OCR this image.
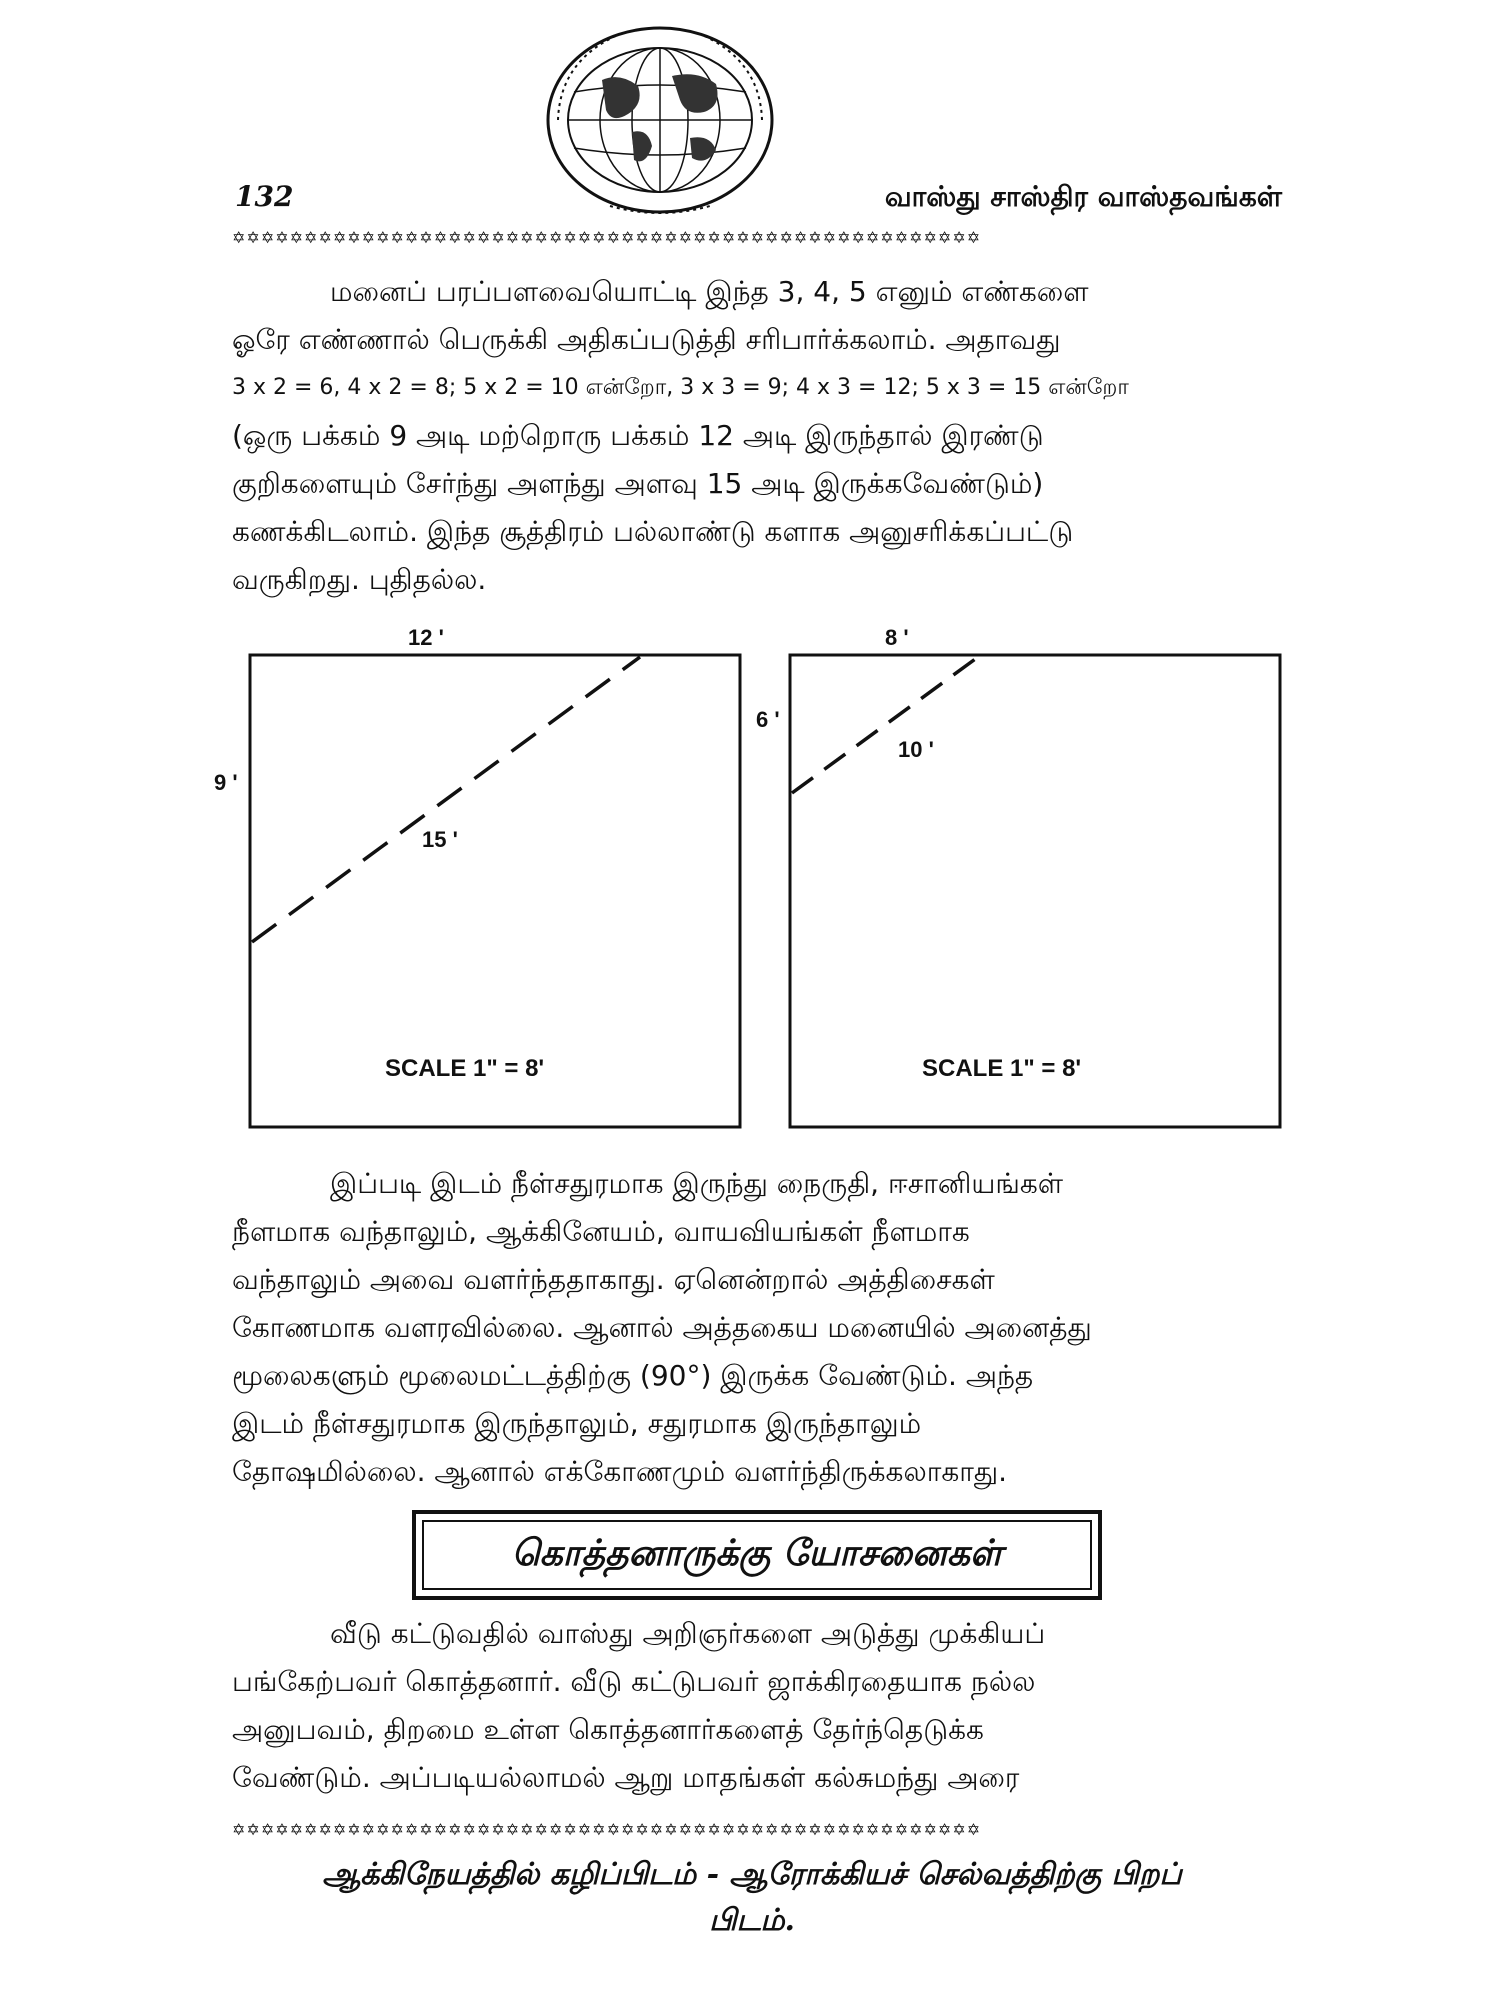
132	வாஸ்து சாஸ்திர வாஸ்தவங்கள்
✡✡✡✡✡✡✡✡✡✡✡✡✡✡✡✡✡✡✡✡✡✡✡✡✡✡✡✡✡✡✡✡✡✡✡✡✡✡✡✡✡✡✡✡✡✡✡✡✡✡✡✡
மனைப் பரப்பளவையொட்டி இந்த 3, 4, 5 எனும் எண்களை
ஓரே எண்ணால் பெருக்கி அதிகப்படுத்தி சரிபார்க்கலாம். அதாவது
3 x 2 = 6, 4 x 2 = 8; 5 x 2 = 10 என்றோ, 3 x 3 = 9; 4 x 3 = 12; 5 x 3 = 15 என்றோ
(ஒரு பக்கம் 9 அடி மற்றொரு பக்கம் 12 அடி இருந்தால் இரண்டு
குறிகளையும் சேர்ந்து அளந்து அளவு 15 அடி இருக்கவேண்டும்)
கணக்கிடலாம். இந்த சூத்திரம் பல்லாண்டு களாக அனுசரிக்கப்பட்டு
வருகிறது. புதிதல்ல.
12 '
9 '
15 '
SCALE 1" = 8'
8 '
6 '
10 '
SCALE 1" = 8'
இப்படி இடம் நீள்சதுரமாக இருந்து நைருதி, ஈசானியங்கள்
நீளமாக வந்தாலும், ஆக்கினேயம், வாயவியங்கள் நீளமாக
வந்தாலும் அவை வளர்ந்ததாகாது. ஏனென்றால் அத்திசைகள்
கோணமாக வளரவில்லை. ஆனால் அத்தகைய மனையில் அனைத்து
மூலைகளும் மூலைமட்டத்திற்கு (90°) இருக்க வேண்டும். அந்த
இடம் நீள்சதுரமாக இருந்தாலும், சதுரமாக இருந்தாலும்
தோஷமில்லை. ஆனால் எக்கோணமும் வளர்ந்திருக்கலாகாது.
கொத்தனாருக்கு யோசனைகள்
வீடு கட்டுவதில் வாஸ்து அறிஞர்களை அடுத்து முக்கியப்
பங்கேற்பவர் கொத்தனார். வீடு கட்டுபவர் ஜாக்கிரதையாக நல்ல
அனுபவம், திறமை உள்ள கொத்தனார்களைத் தேர்ந்தெடுக்க
வேண்டும். அப்படியல்லாமல் ஆறு மாதங்கள் கல்சுமந்து அரை
✡✡✡✡✡✡✡✡✡✡✡✡✡✡✡✡✡✡✡✡✡✡✡✡✡✡✡✡✡✡✡✡✡✡✡✡✡✡✡✡✡✡✡✡✡✡✡✡✡✡✡✡
ஆக்கிநேயத்தில் கழிப்பிடம் - ஆரோக்கியச் செல்வத்திற்கு பிறப்
பிடம்.
